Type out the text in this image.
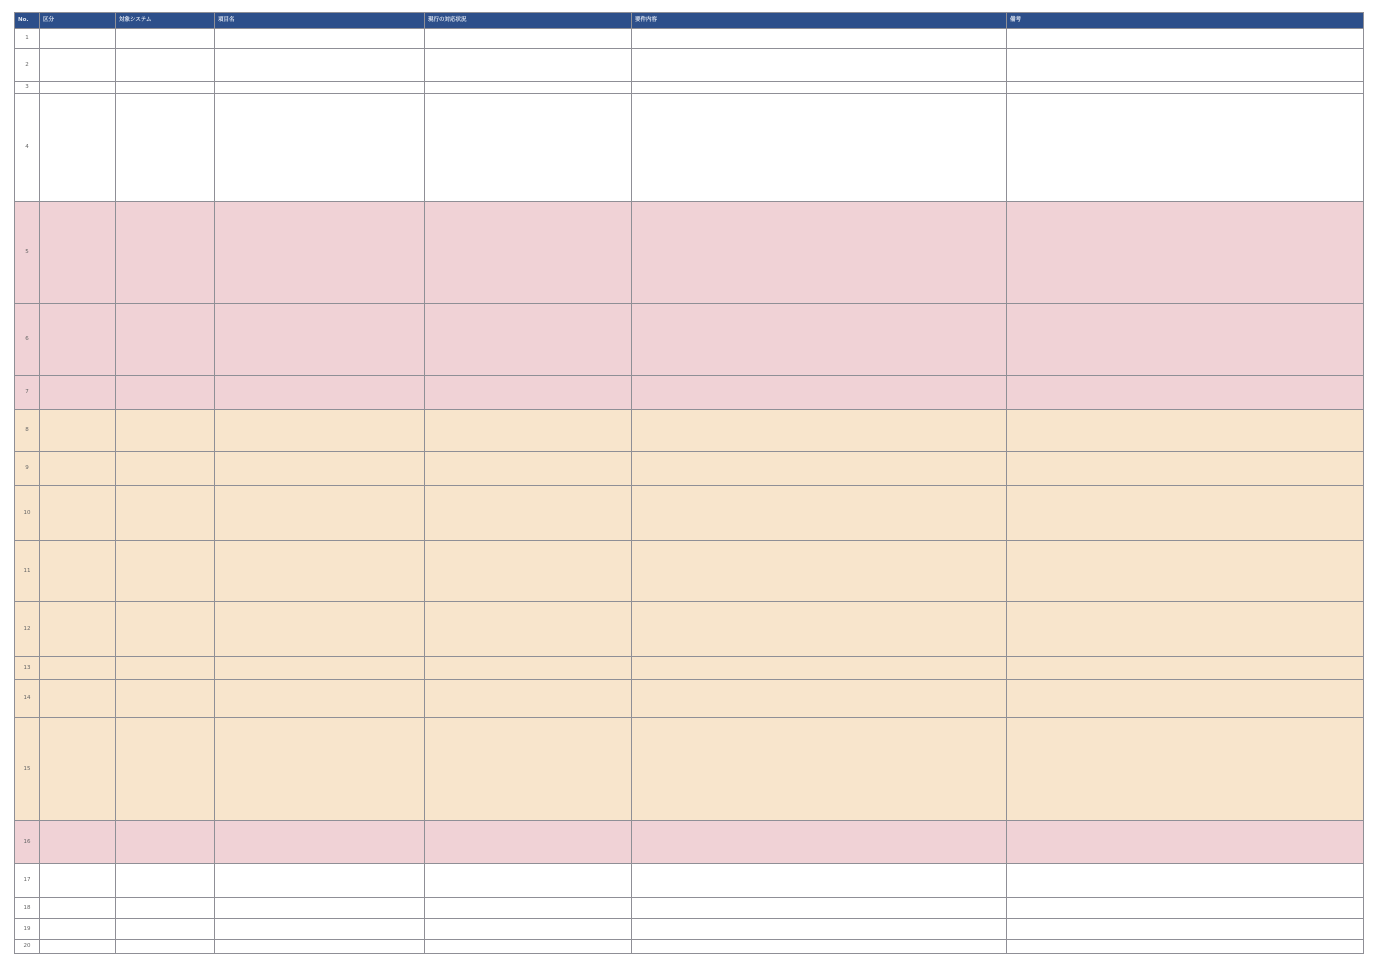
No.	区分	対象システム	項目名	現行の対応状況	要件内容	備考
1					

2					

3					

4					

5					

6					

7					

8					

9					

10					

11					

12					

13					

14					

15					

16					

17					

18					

19					

20					
